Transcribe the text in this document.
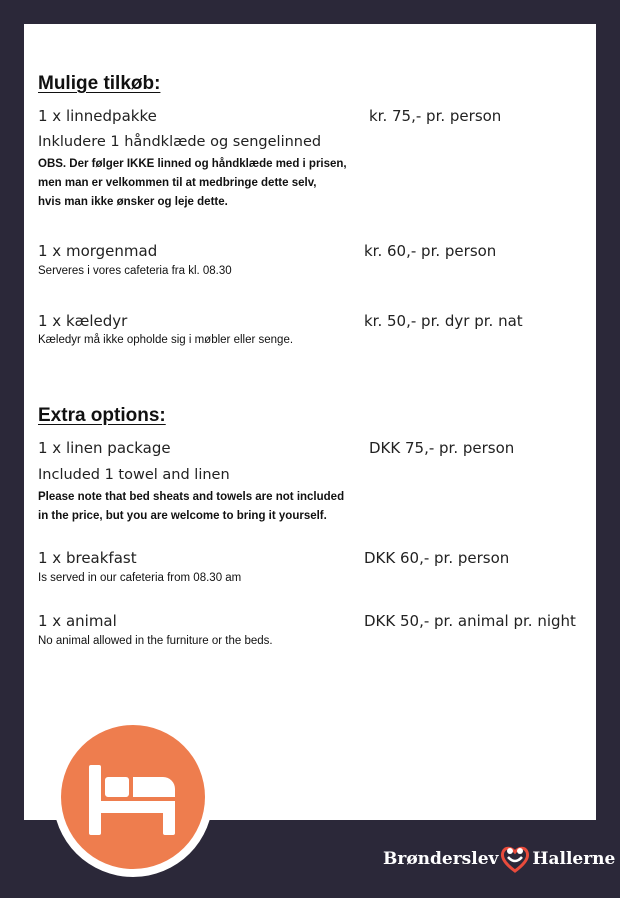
Mulige tilkøb:
1 x linnedpakke	kr. 75,- pr. person
Inkludere 1 håndklæde og sengelinned
OBS. Der følger IKKE linned og håndklæde med i prisen,
men man er velkommen til at medbringe dette selv,
hvis man ikke ønsker og leje dette.
1 x morgenmad	kr. 60,- pr. person
Serveres i vores cafeteria fra kl. 08.30
1 x kæledyr	kr. 50,- pr. dyr pr. nat
Kæledyr må ikke opholde sig i møbler eller senge.
Extra options:
1 x linen package	DKK 75,- pr. person
Included 1 towel and linen
Please note that bed sheats and towels are not included
in the price, but you are welcome to bring it yourself.
1 x breakfast	DKK 60,- pr. person
Is served in our cafeteria from 08.30 am
1 x animal	DKK 50,- pr. animal pr. night
No animal allowed in the furniture or the beds.
Brønderslev Hallerne
